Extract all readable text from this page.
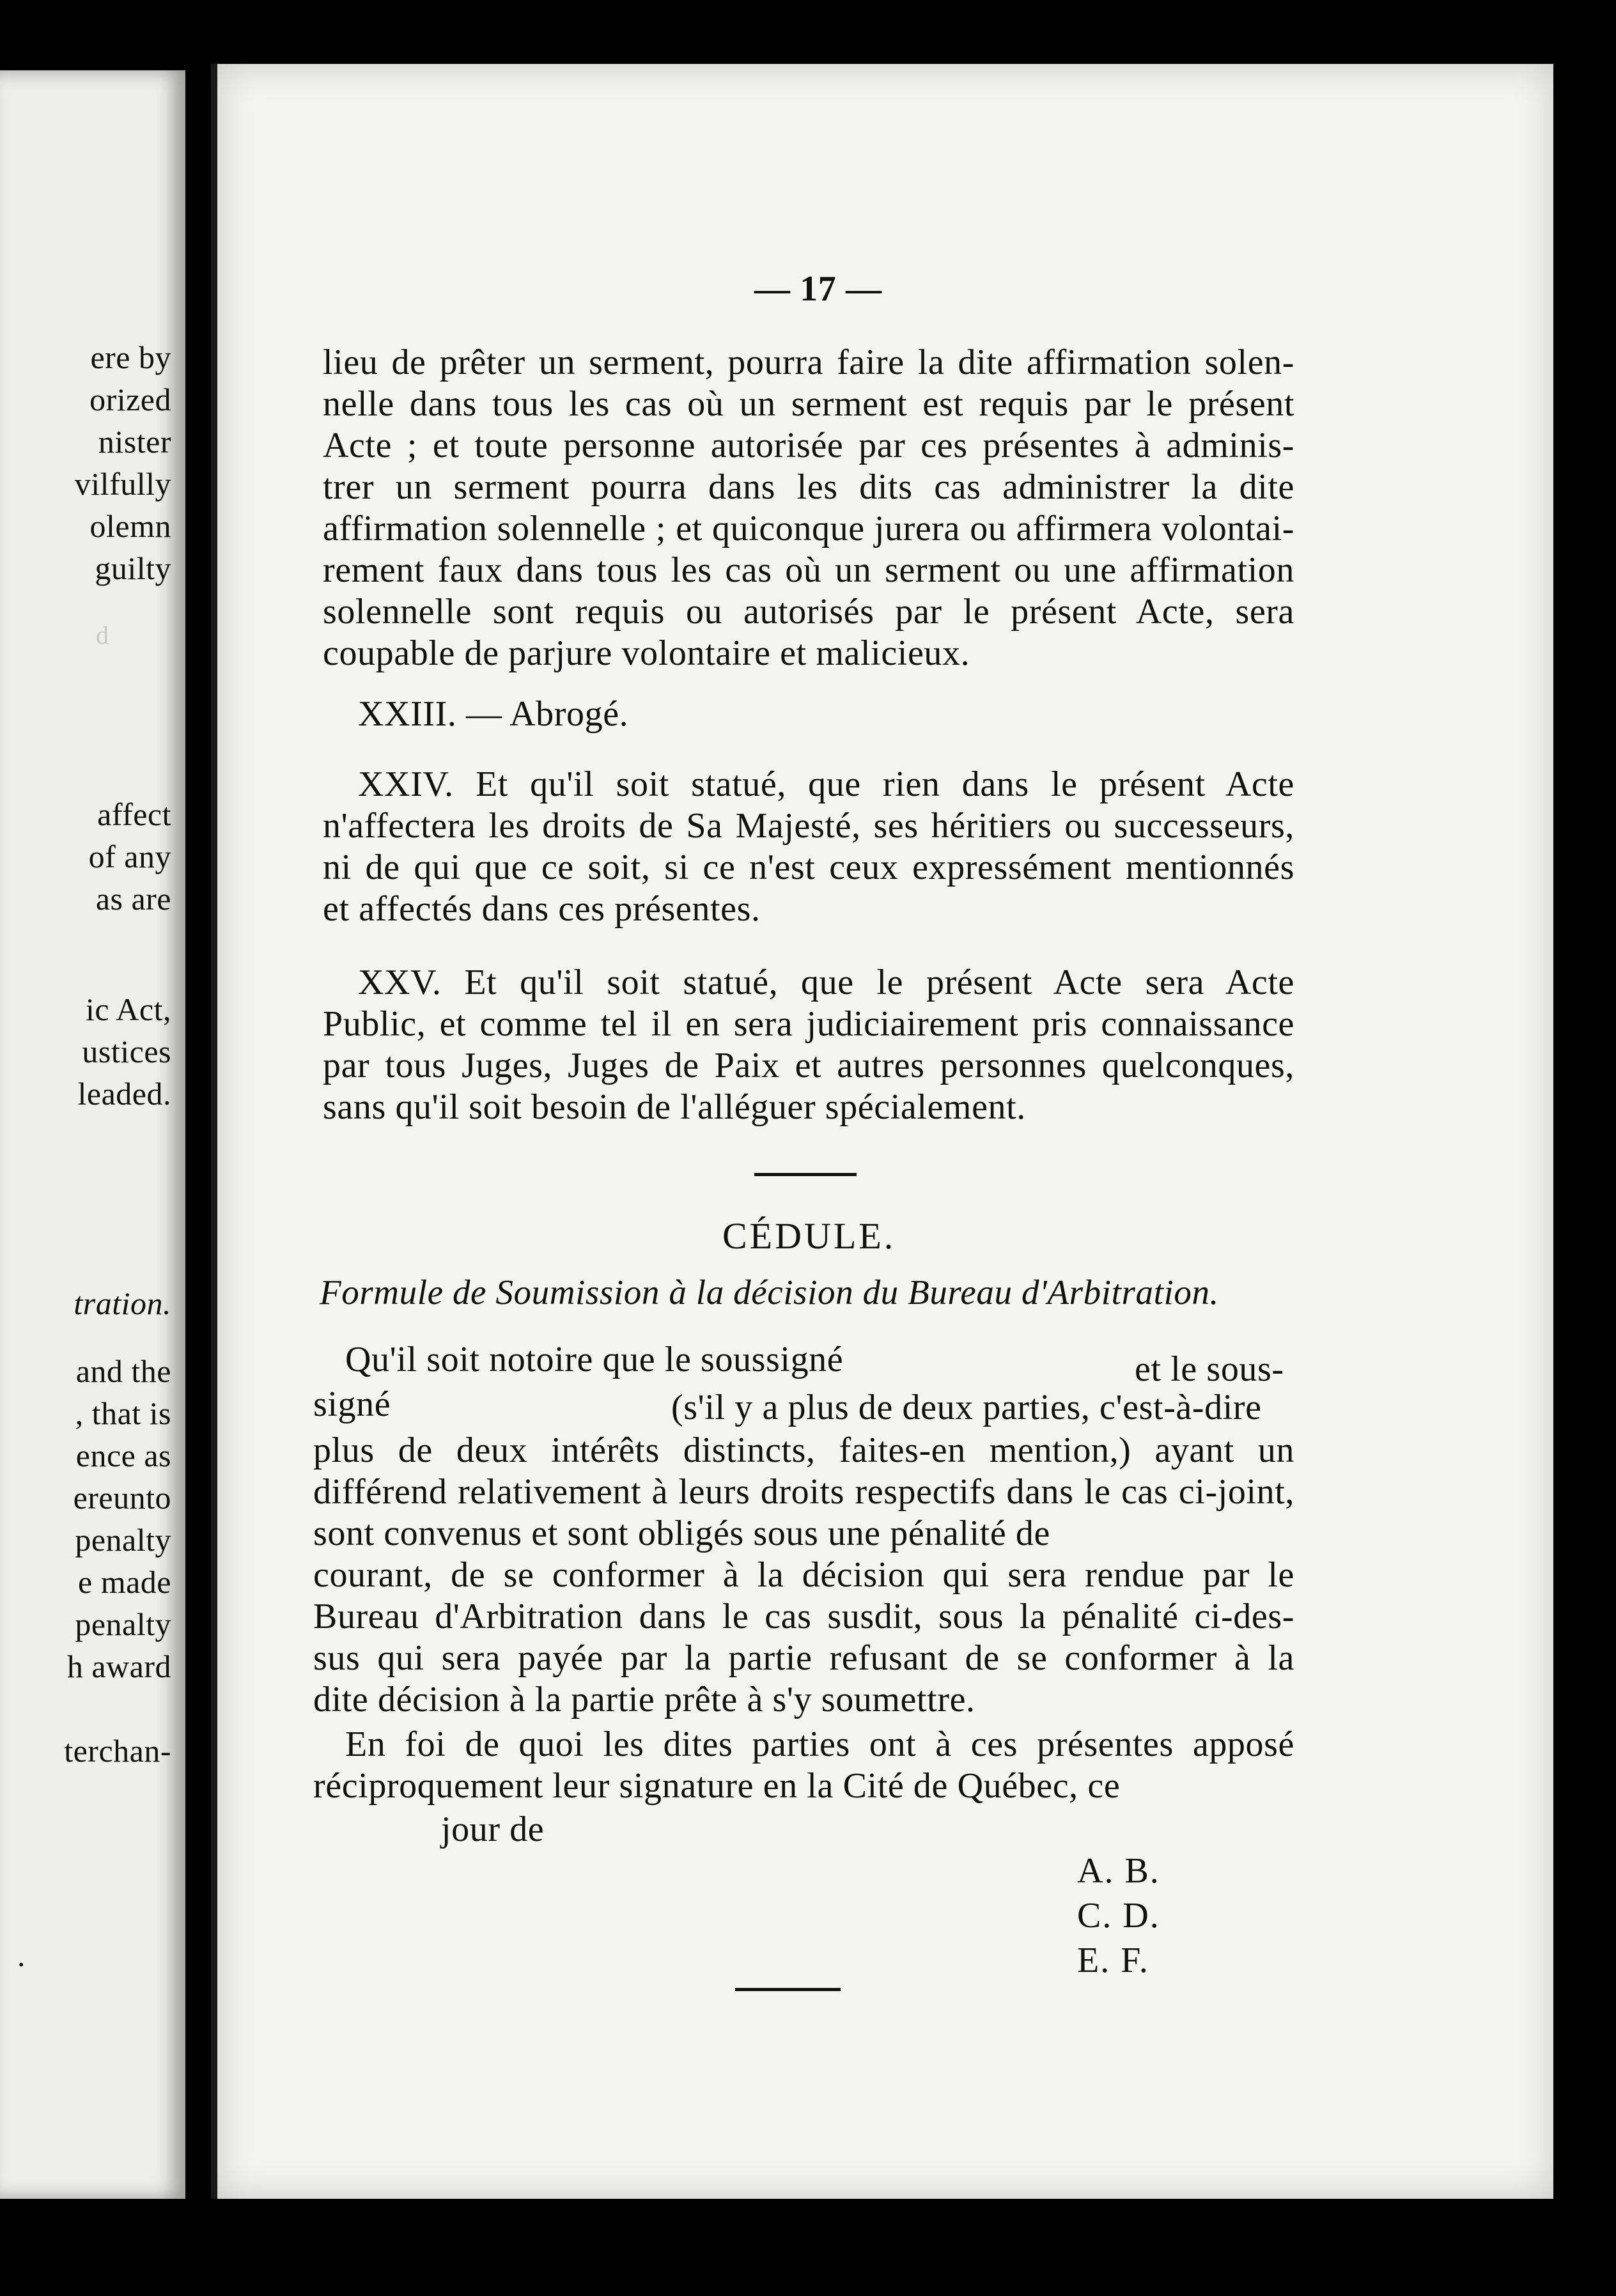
d
ere by
orized
nister
vilfully
olemn
guilty
affect
of any
as are
ic Act,
ustices
leaded.
tration.
and the
, that is
ence as
ereunto
penalty
e made
penalty
h award
terchan-
.
— 17 —
lieu de prêter un serment, pourra faire la dite affirmation solen-
nelle dans tous les cas où un serment est requis par le présent
Acte ; et toute personne autorisée par ces présentes à adminis-
trer un serment pourra dans les dits cas administrer la dite
affirmation solennelle ; et quiconque jurera ou affirmera volontai-
rement faux dans tous les cas où un serment ou une affirmation
solennelle sont requis ou autorisés par le présent Acte, sera
coupable de parjure volontaire et malicieux.
XXIII. — Abrogé.
XXIV. Et qu'il soit statué, que rien dans le présent Acte
n'affectera les droits de Sa Majesté, ses héritiers ou successeurs,
ni de qui que ce soit, si ce n'est ceux expressément mentionnés
et affectés dans ces présentes.
XXV. Et qu'il soit statué, que le présent Acte sera Acte
Public, et comme tel il en sera judiciairement pris connaissance
par tous Juges, Juges de Paix et autres personnes quelconques,
sans qu'il soit besoin de l'alléguer spécialement.
CÉDULE.
Formule de Soumission à la décision du Bureau d'Arbitration.
Qu'il soit notoire que le soussigné	et le sous-
signé	(s'il y a plus de deux parties, c'est-à-dire
plus de deux intérêts distincts, faites-en mention,) ayant un
différend relativement à leurs droits respectifs dans le cas ci-joint,
sont convenus et sont obligés sous une pénalité de
courant, de se conformer à la décision qui sera rendue par le
Bureau d'Arbitration dans le cas susdit, sous la pénalité ci-des-
sus qui sera payée par la partie refusant de se conformer à la
dite décision à la partie prête à s'y soumettre.
En foi de quoi les dites parties ont à ces présentes apposé
réciproquement leur signature en la Cité de Québec, ce
jour de
A. B.
C. D.
E. F.
